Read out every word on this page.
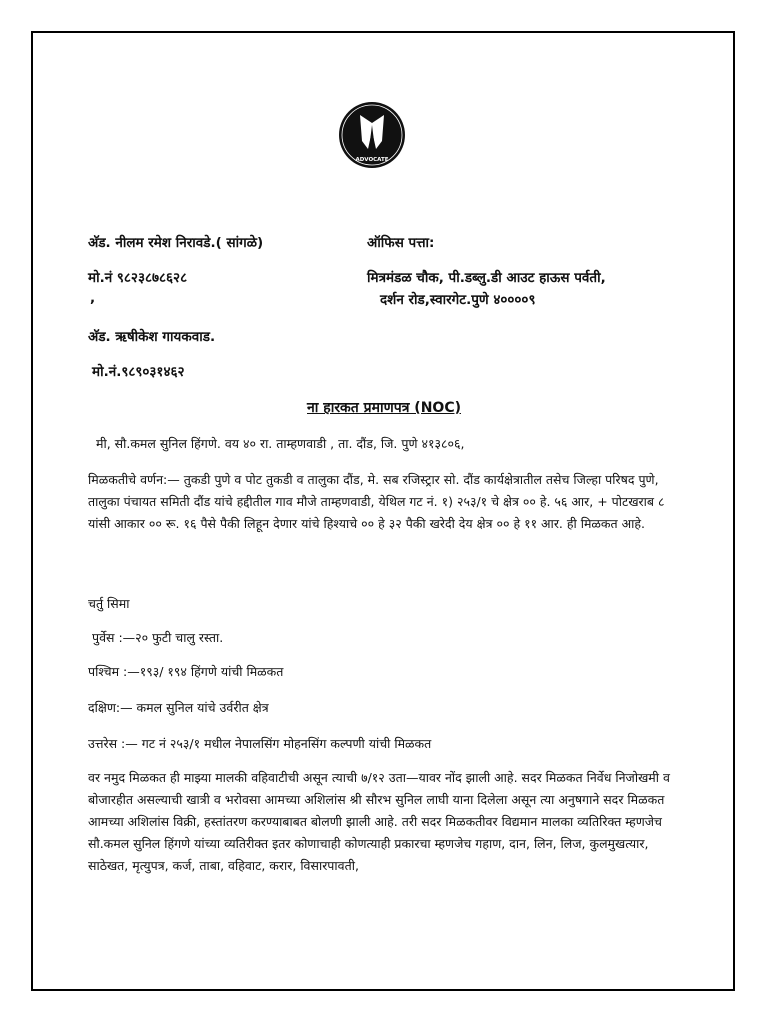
ADVOCATE
अ‍ॅड. नीलम रमेश निरावडे.( सांगळे)
मो.नं ९८२३८७८६२८
,
अ‍ॅड. ऋषीकेश गायकवाड.
मो.नं.९८९०३१४६२
ऑफिस पत्ता:
मित्रमंडळ चौक, पी.डब्लु.डी आउट हाऊस पर्वती,
दर्शन रोड,स्वारगेट.पुणे ४००००९
ना हारकत प्रमाणपत्र (NOC)
मी, सौ.कमल सुनिल हिंगणे. वय ४० रा. ताम्हणवाडी , ता. दौंड, जि. पुणे ४१३८०६,
मिळकतीचे वर्णन:— तुकडी पुणे व पोट तुकडी व तालुका दौंड, मे. सब रजिस्ट्रार सो. दौंड कार्यक्षेत्रातील तसेच जिल्हा परिषद पुणे, तालुका पंचायत समिती दौंड यांचे हद्दीतील गाव मौजे ताम्हणवाडी, येथिल गट नं. १) २५३/१ चे क्षेत्र ०० हे. ५६ आर, + पोटखराब ८ यांसी आकार ०० रू. १६ पैसे पैकी लिहून देणार यांचे हिश्याचे ०० हे ३२ पैकी खरेदी देय क्षेत्र ०० हे ११ आर. ही मिळकत आहे.
चर्तु सिमा
पुर्वेस :—२० फुटी चालु रस्ता.
पश्चिम :—१९३/ १९४ हिंगणे यांची मिळकत
दक्षिण:— कमल सुनिल यांचे उर्वरीत क्षेत्र
उत्तरेस :— गट नं २५३/१ मधील नेपालसिंग मोहनसिंग कल्पणी यांची मिळकत
वर नमुद मिळकत ही माझ्या मालकी वहिवाटीची असून त्याची ७/१२ उता—यावर नोंद झाली आहे. सदर मिळकत निर्वेध निजोखमी व बोजारहीत असल्याची खात्री व भरोवसा आमच्या अशिलांस श्री सौरभ सुनिल लाघी याना दिलेला असून त्या अनुषगाने सदर मिळकत आमच्या अशिलांस विक्री, हस्तांतरण करण्याबाबत बोलणी झाली आहे. तरी सदर मिळकतीवर विद्यमान मालका व्यतिरिक्त म्हणजेच सौ.कमल सुनिल हिंगणे यांच्या व्यतिरीक्त इतर कोणाचाही कोणत्याही प्रकारचा म्हणजेच गहाण, दान, लिन, लिज, कुलमुखत्यार, साठेखत, मृत्युपत्र, कर्ज, ताबा, वहिवाट, करार, विसारपावती,
